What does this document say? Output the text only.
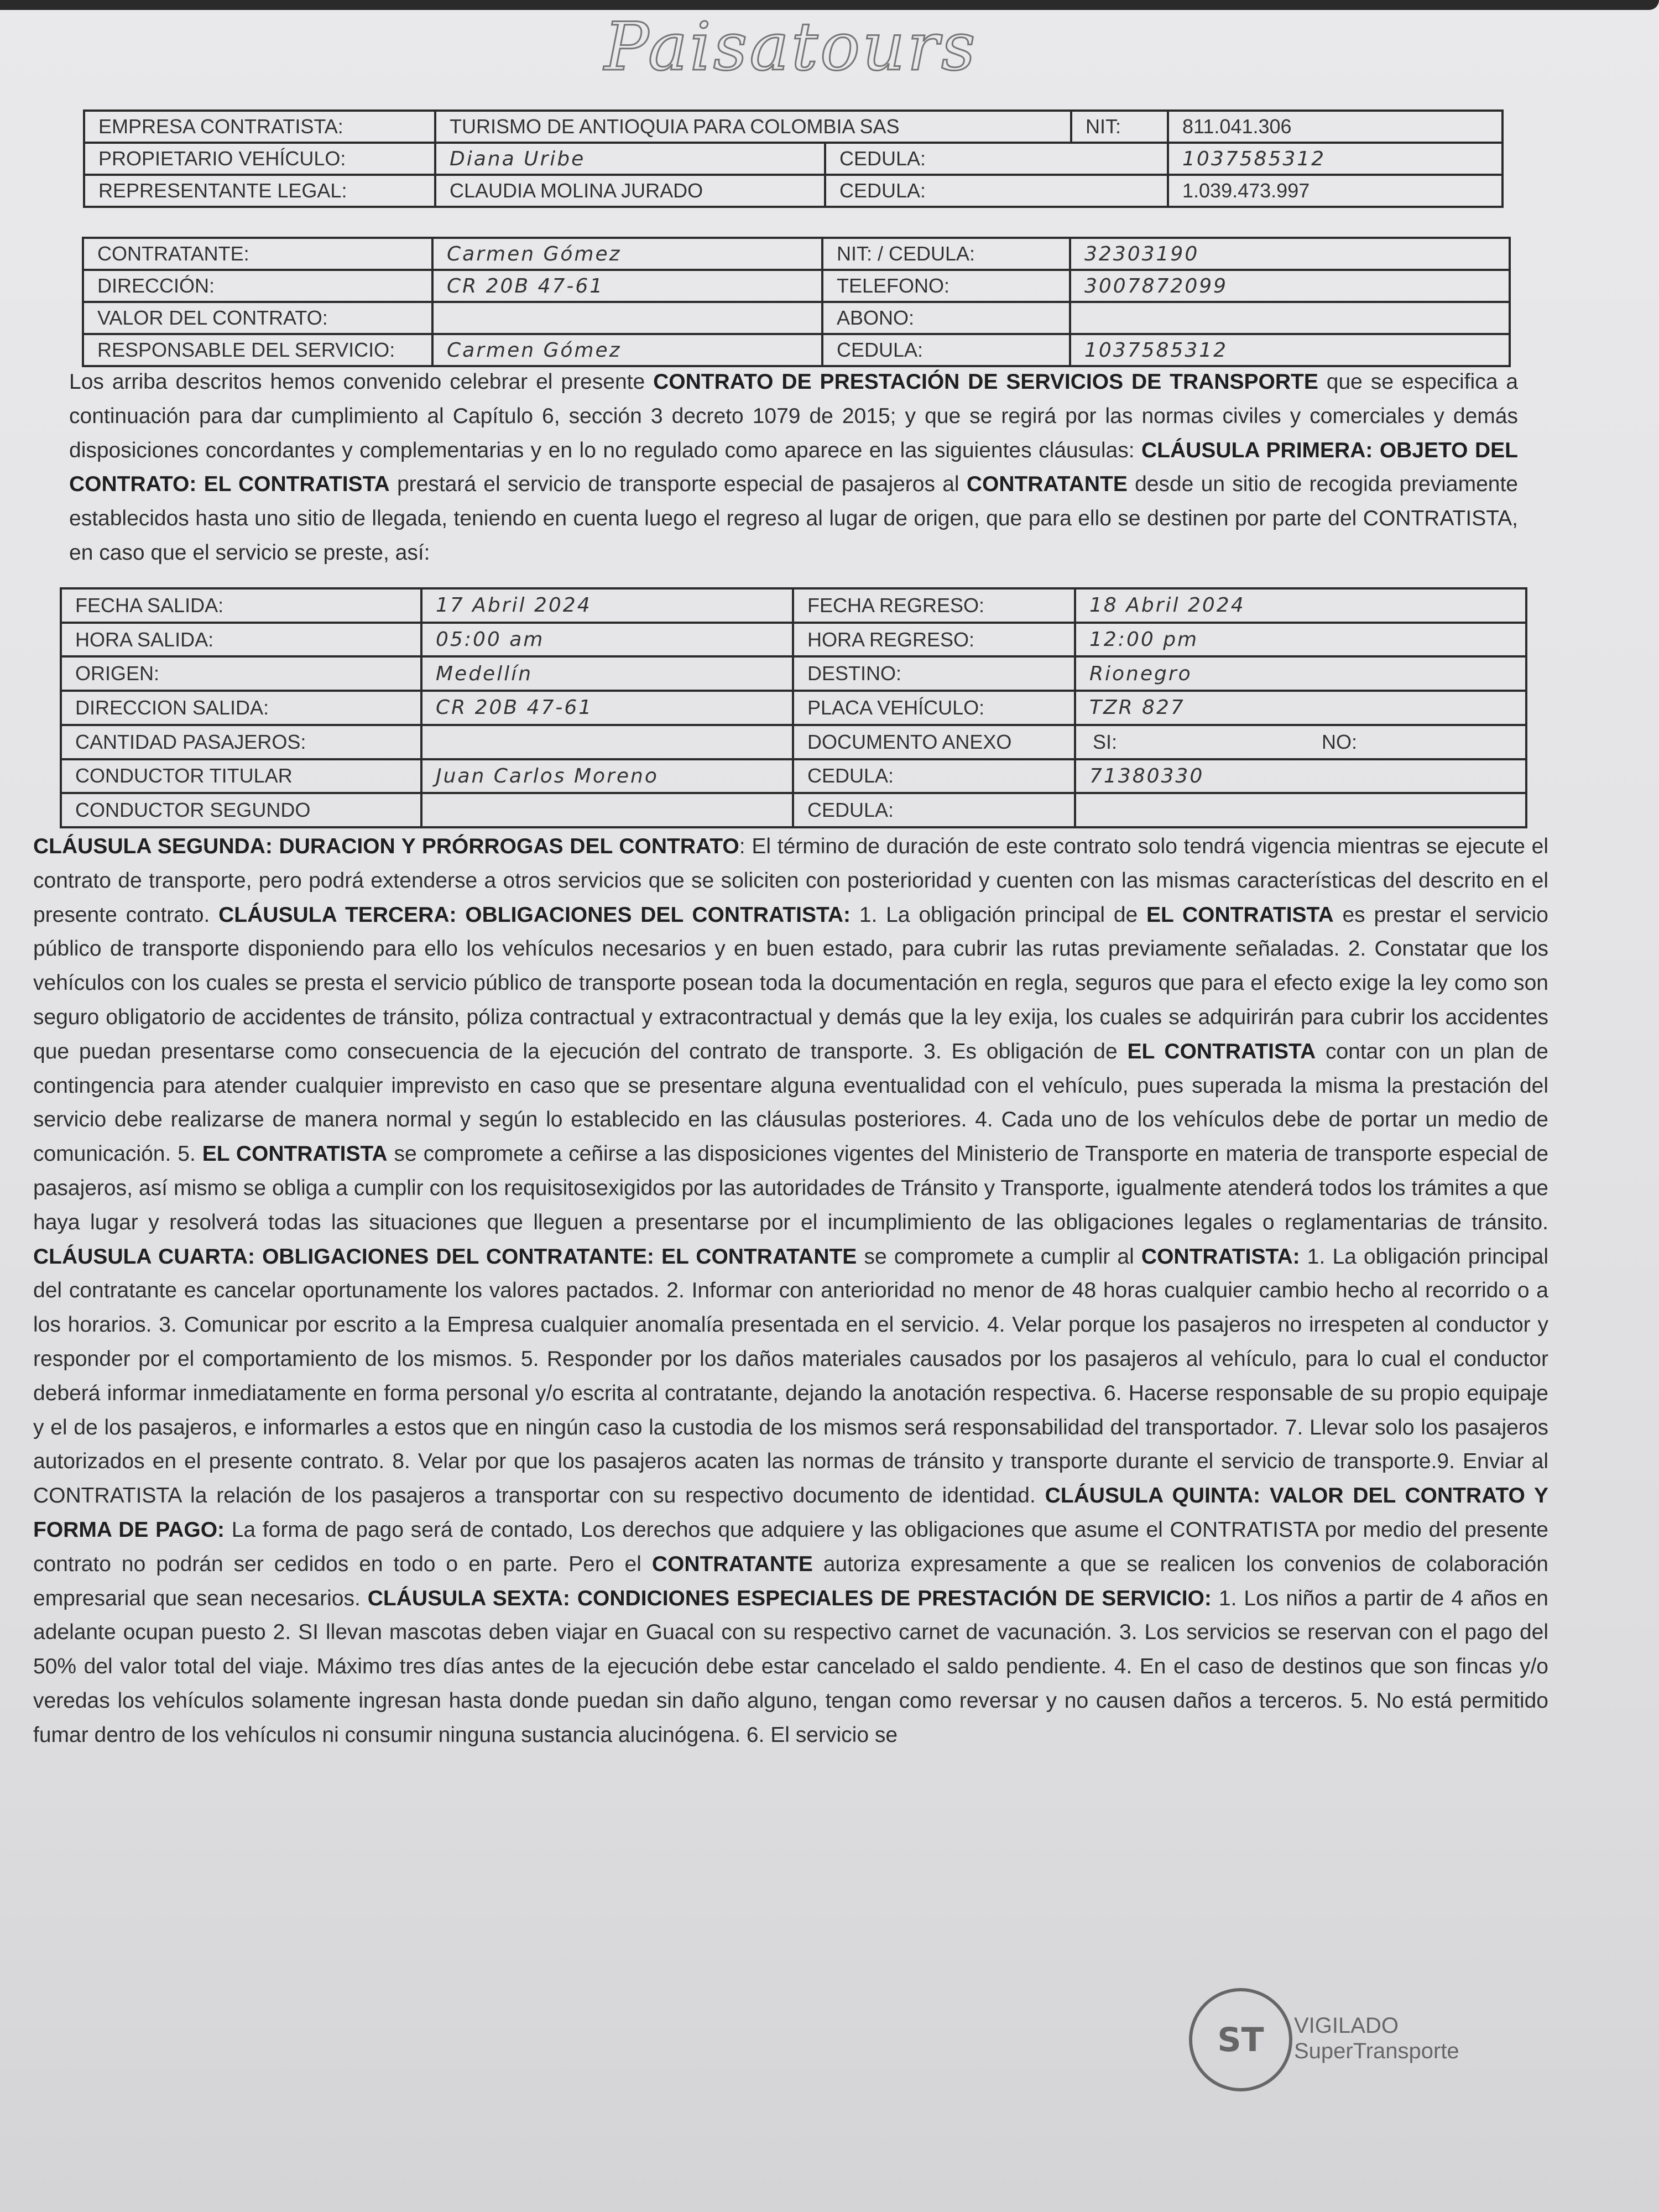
Paisatours
EMPRESA CONTRATISTA:	TURISMO DE ANTIOQUIA PARA COLOMBIA SAS		NIT:	811.041.306
PROPIETARIO VEHÍCULO:	Diana Uribe	CEDULA:		1037585312
REPRESENTANTE LEGAL:	CLAUDIA MOLINA JURADO	CEDULA:		1.039.473.997
CONTRATANTE:	Carmen Gómez	NIT: / CEDULA:	32303190
DIRECCIÓN:	CR 20B 47-61	TELEFONO:	3007872099
VALOR DEL CONTRATO:		ABONO:	
RESPONSABLE DEL SERVICIO:	Carmen Gómez	CEDULA:	1037585312
Los arriba descritos hemos convenido celebrar el presente CONTRATO DE PRESTACIÓN DE SERVICIOS DE TRANSPORTE que se especifica a continuación para dar cumplimiento al Capítulo 6, sección 3 decreto 1079 de 2015; y que se regirá por las normas civiles y comerciales y demás disposiciones concordantes y complementarias y en lo no regulado como aparece en las siguientes cláusulas: CLÁUSULA PRIMERA: OBJETO DEL CONTRATO: EL CONTRATISTA prestará el servicio de transporte especial de pasajeros al CONTRATANTE desde un sitio de recogida previamente establecidos hasta uno sitio de llegada, teniendo en cuenta luego el regreso al lugar de origen, que para ello se destinen por parte del CONTRATISTA, en caso que el servicio se preste, así:
FECHA SALIDA:	17 Abril 2024	FECHA REGRESO:	18 Abril 2024
HORA SALIDA:	05:00 am	HORA REGRESO:	12:00 pm
ORIGEN:	Medellín	DESTINO:	Rionegro
DIRECCION SALIDA:	CR 20B 47-61	PLACA VEHÍCULO:	TZR 827
CANTIDAD PASAJEROS:		DOCUMENTO ANEXO	SI: NO:
CONDUCTOR TITULAR	Juan Carlos Moreno	CEDULA:	71380330
CONDUCTOR SEGUNDO		CEDULA:	
CLÁUSULA SEGUNDA: DURACION Y PRÓRROGAS DEL CONTRATO: El término de duración de este contrato solo tendrá vigencia mientras se ejecute el contrato de transporte, pero podrá extenderse a otros servicios que se soliciten con posterioridad y cuenten con las mismas características del descrito en el presente contrato. CLÁUSULA TERCERA: OBLIGACIONES DEL CONTRATISTA: 1. La obligación principal de EL CONTRATISTA es prestar el servicio público de transporte disponiendo para ello los vehículos necesarios y en buen estado, para cubrir las rutas previamente señaladas. 2. Constatar que los vehículos con los cuales se presta el servicio público de transporte posean toda la documentación en regla, seguros que para el efecto exige la ley como son seguro obligatorio de accidentes de tránsito, póliza contractual y extracontractual y demás que la ley exija, los cuales se adquirirán para cubrir los accidentes que puedan presentarse como consecuencia de la ejecución del contrato de transporte. 3. Es obligación de EL CONTRATISTA contar con un plan de contingencia para atender cualquier imprevisto en caso que se presentare alguna eventualidad con el vehículo, pues superada la misma la prestación del servicio debe realizarse de manera normal y según lo establecido en las cláusulas posteriores. 4. Cada uno de los vehículos debe de portar un medio de comunicación. 5. EL CONTRATISTA se compromete a ceñirse a las disposiciones vigentes del Ministerio de Transporte en materia de transporte especial de pasajeros, así mismo se obliga a cumplir con los requisitosexigidos por las autoridades de Tránsito y Transporte, igualmente atenderá todos los trámites a que haya lugar y resolverá todas las situaciones que lleguen a presentarse por el incumplimiento de las obligaciones legales o reglamentarias de tránsito. CLÁUSULA CUARTA: OBLIGACIONES DEL CONTRATANTE: EL CONTRATANTE se compromete a cumplir al CONTRATISTA: 1. La obligación principal del contratante es cancelar oportunamente los valores pactados. 2. Informar con anterioridad no menor de 48 horas cualquier cambio hecho al recorrido o a los horarios. 3. Comunicar por escrito a la Empresa cualquier anomalía presentada en el servicio. 4. Velar porque los pasajeros no irrespeten al conductor y responder por el comportamiento de los mismos. 5. Responder por los daños materiales causados por los pasajeros al vehículo, para lo cual el conductor deberá informar inmediatamente en forma personal y/o escrita al contratante, dejando la anotación respectiva. 6. Hacerse responsable de su propio equipaje y el de los pasajeros, e informarles a estos que en ningún caso la custodia de los mismos será responsabilidad del transportador. 7. Llevar solo los pasajeros autorizados en el presente contrato. 8. Velar por que los pasajeros acaten las normas de tránsito y transporte durante el servicio de transporte.9. Enviar al CONTRATISTA la relación de los pasajeros a transportar con su respectivo documento de identidad. CLÁUSULA QUINTA: VALOR DEL CONTRATO Y FORMA DE PAGO: La forma de pago será de contado, Los derechos que adquiere y las obligaciones que asume el CONTRATISTA por medio del presente contrato no podrán ser cedidos en todo o en parte. Pero el CONTRATANTE autoriza expresamente a que se realicen los convenios de colaboración empresarial que sean necesarios. CLÁUSULA SEXTA: CONDICIONES ESPECIALES DE PRESTACIÓN DE SERVICIO: 1. Los niños a partir de 4 años en adelante ocupan puesto 2. SI llevan mascotas deben viajar en Guacal con su respectivo carnet de vacunación. 3. Los servicios se reservan con el pago del 50% del valor total del viaje. Máximo tres días antes de la ejecución debe estar cancelado el saldo pendiente. 4. En el caso de destinos que son fincas y/o veredas los vehículos solamente ingresan hasta donde puedan sin daño alguno, tengan como reversar y no causen daños a terceros. 5. No está permitido fumar dentro de los vehículos ni consumir ninguna sustancia alucinógena. 6. El servicio se
ST	VIGILADO
SuperTransporte
